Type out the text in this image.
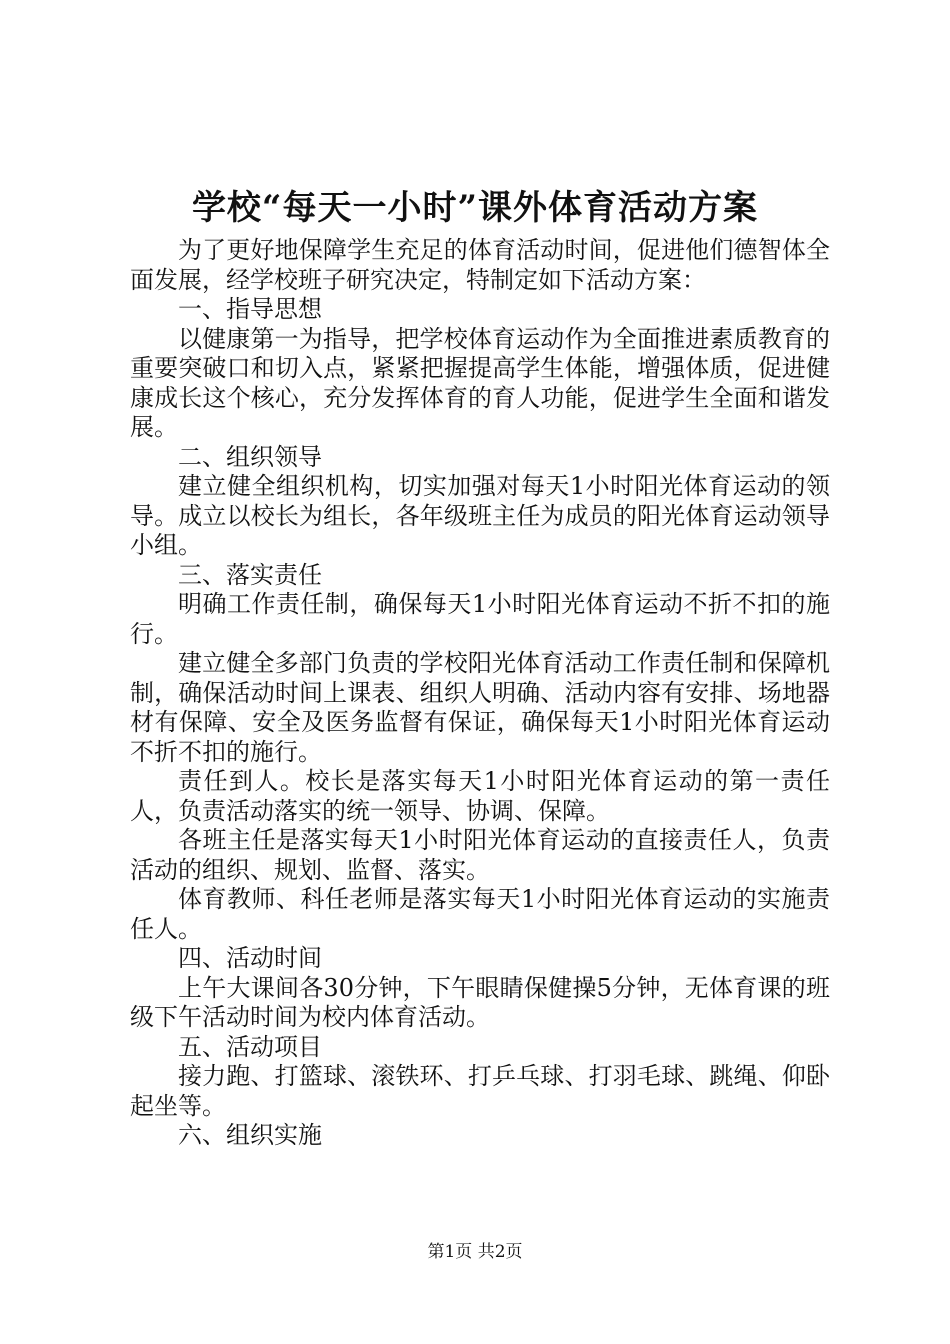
学校“每天一小时”课外体育活动方案

为了更好地保障学生充足的体育活动时间，促进他们德智体全面发展，经学校班子研究决定，特制定如下活动方案：

一、指导思想

以健康第一为指导，把学校体育运动作为全面推进素质教育的重要突破口和切入点，紧紧把握提高学生体能，增强体质，促进健康成长这个核心，充分发挥体育的育人功能，促进学生全面和谐发展。

二、组织领导

建立健全组织机构，切实加强对每天1小时阳光体育运动的领导。成立以校长为组长，各年级班主任为成员的阳光体育运动领导小组。

三、落实责任

明确工作责任制，确保每天1小时阳光体育运动不折不扣的施行。

建立健全多部门负责的学校阳光体育活动工作责任制和保障机制，确保活动时间上课表、组织人明确、活动内容有安排、场地器材有保障、安全及医务监督有保证，确保每天1小时阳光体育运动不折不扣的施行。

责任到人。校长是落实每天1小时阳光体育运动的第一责任人，负责活动落实的统一领导、协调、保障。

各班主任是落实每天1小时阳光体育运动的直接责任人，负责活动的组织、规划、监督、落实。

体育教师、科任老师是落实每天1小时阳光体育运动的实施责任人。

四、活动时间

上午大课间各30分钟，下午眼睛保健操5分钟，无体育课的班级下午活动时间为校内体育活动。

五、活动项目

接力跑、打篮球、滚铁环、打乒乓球、打羽毛球、跳绳、仰卧起坐等。

六、组织实施

第1页 共2页
